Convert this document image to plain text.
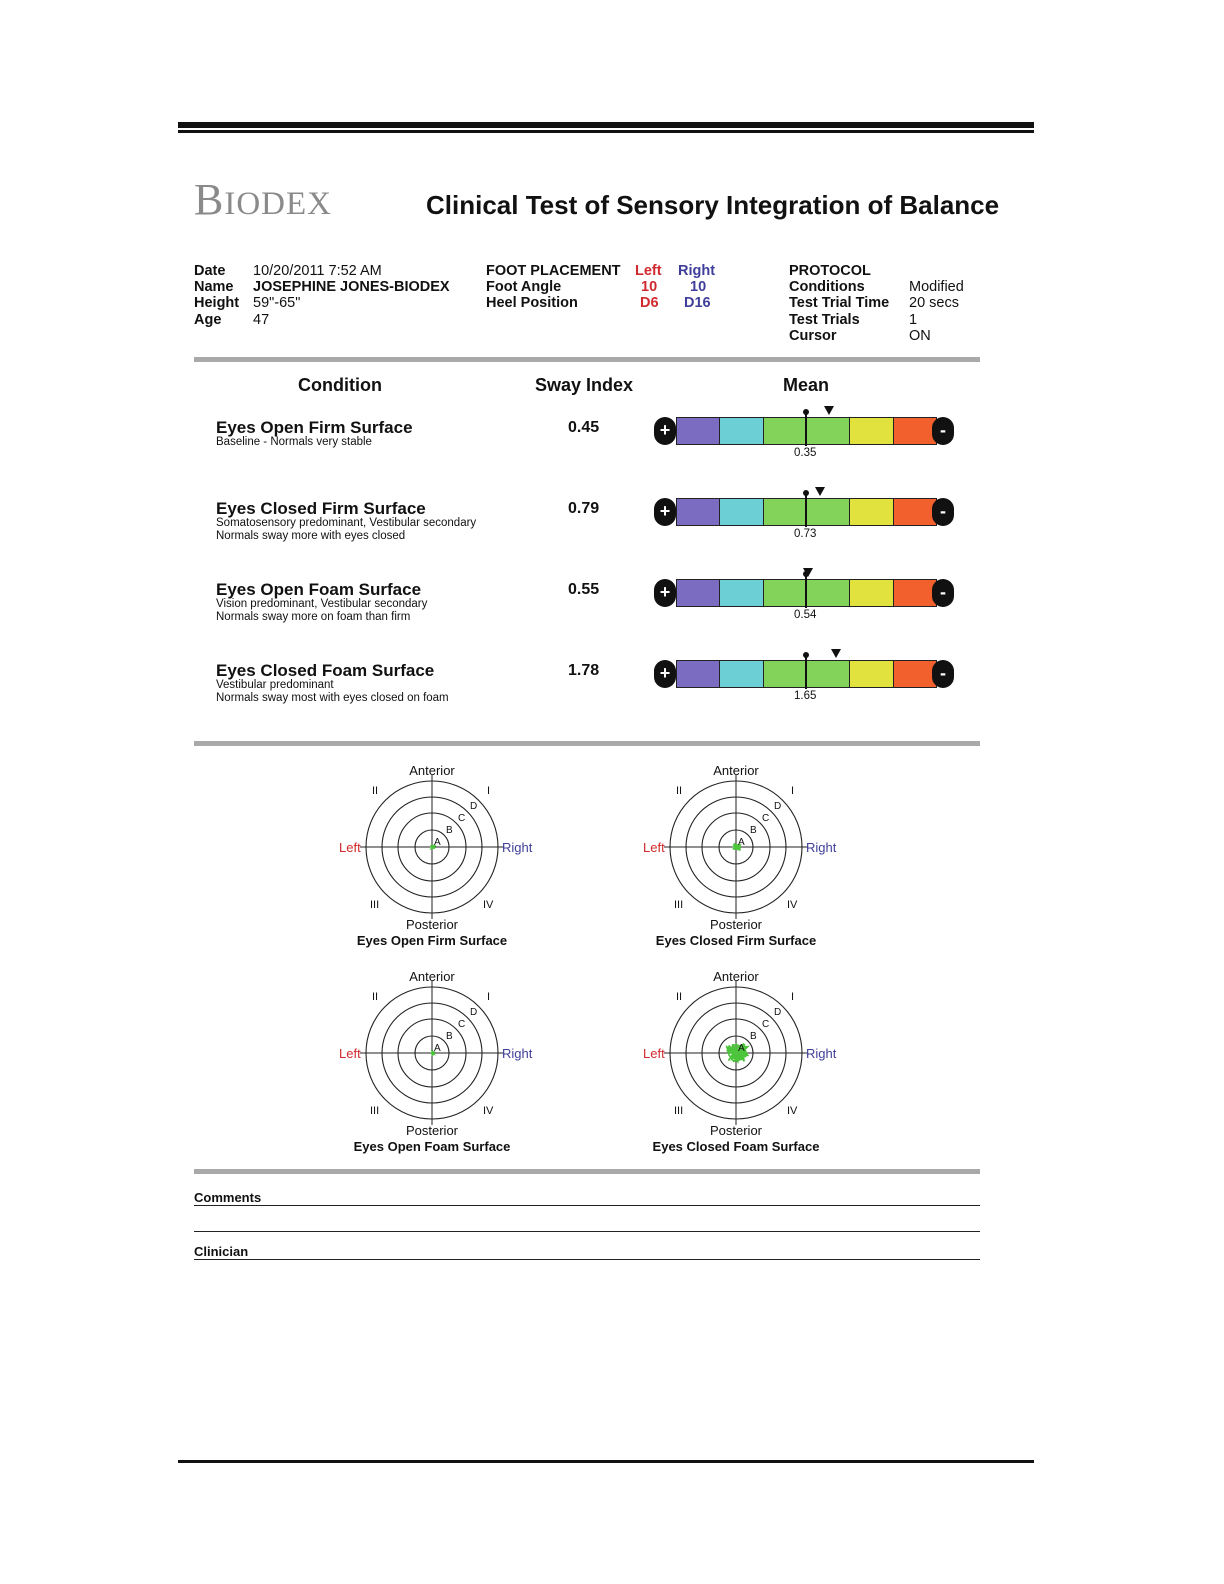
BIODEX	Clinical Test of Sensory Integration of Balance
Date 10/20/2011 7:52 AM
Name JOSEPHINE JONES-BIODEX
Height 59"-65"
Age 47
FOOT PLACEMENT Left Right
Foot Angle	10 10
Heel Position	D6 D16
PROTOCOL
Conditions	Modified
Test Trial Time 20 secs
Test Trials	1
Cursor	ON
Condition	Sway Index	Mean
Eyes Open Firm Surface
Baseline - Normals very stable
0.45	+	-
0.35
Eyes Closed Firm Surface
Somatosensory predominant, Vestibular secondary
Normals sway more with eyes closed
0.79	+	-
0.73
Eyes Open Foam Surface
Vision predominant, Vestibular secondary
Normals sway more on foam than firm
0.55	+	-
0.54
Eyes Closed Foam Surface
Vestibular predominant
Normals sway most with eyes closed on foam
1.78	+	-
1.65
Anterior
Posterior
Left	Right
II	I
III	IV
A
B
C
D
Eyes Open Firm Surface
Anterior
Posterior
Left	Right
II	I
III	IV
A
B
C
D
Eyes Closed Firm Surface
Anterior
Posterior
Left	Right
II	I
III	IV
A
B
C
D
Eyes Open Foam Surface
Anterior
Posterior
Left	Right
II	I
III	IV
A
B
C
D
Eyes Closed Foam Surface
Comments
Clinician
